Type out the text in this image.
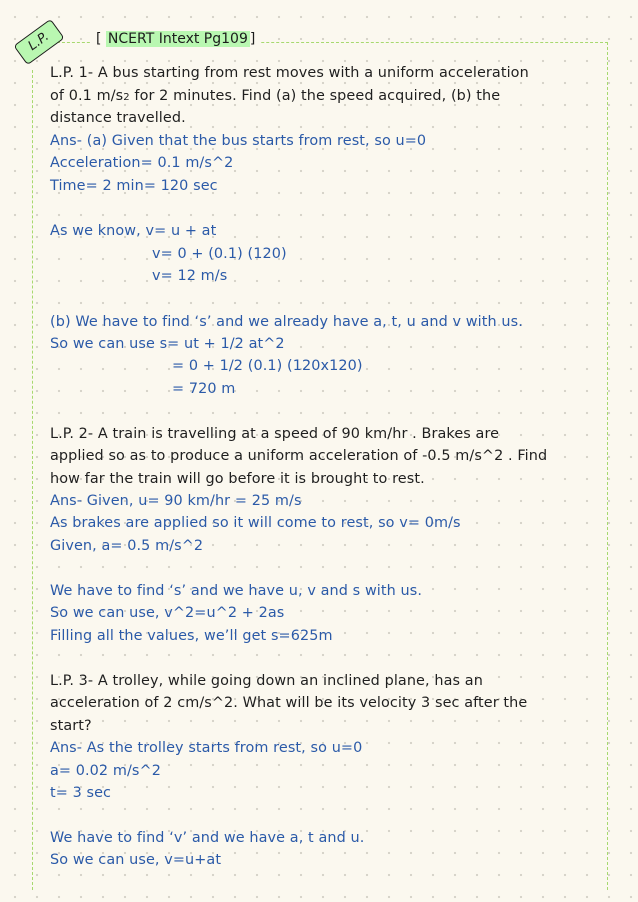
L.P.	[ NCERT Intext Pg109 ]
L.P. 1- A bus starting from rest moves with a uniform acceleration
of 0.1 m/s2 for 2 minutes. Find (a) the speed acquired, (b) the
distance travelled.
Ans- (a) Given that the bus starts from rest, so u=0
Acceleration= 0.1 m/s^2
Time= 2 min= 120 sec
As we know, v= u + at
v= 0 + (0.1) (120)
v= 12 m/s
(b) We have to find ‘s’ and we already have a, t, u and v with us.
So we can use s= ut + 1/2 at^2
= 0 + 1/2 (0.1) (120x120)
= 720 m
L.P. 2- A train is travelling at a speed of 90 km/hr . Brakes are
applied so as to produce a uniform acceleration of -0.5 m/s^2 . Find
how far the train will go before it is brought to rest.
Ans- Given, u= 90 km/hr = 25 m/s
As brakes are applied so it will come to rest, so v= 0m/s
Given, a= 0.5 m/s^2
We have to find ‘s’ and we have u, v and s with us.
So we can use, v^2=u^2 + 2as
Filling all the values, we’ll get s=625m
L.P. 3- A trolley, while going down an inclined plane, has an
acceleration of 2 cm/s^2. What will be its velocity 3 sec after the
start?
Ans- As the trolley starts from rest, so u=0
a= 0.02 m/s^2
t= 3 sec
We have to find ‘v’ and we have a, t and u.
So we can use, v=u+at
